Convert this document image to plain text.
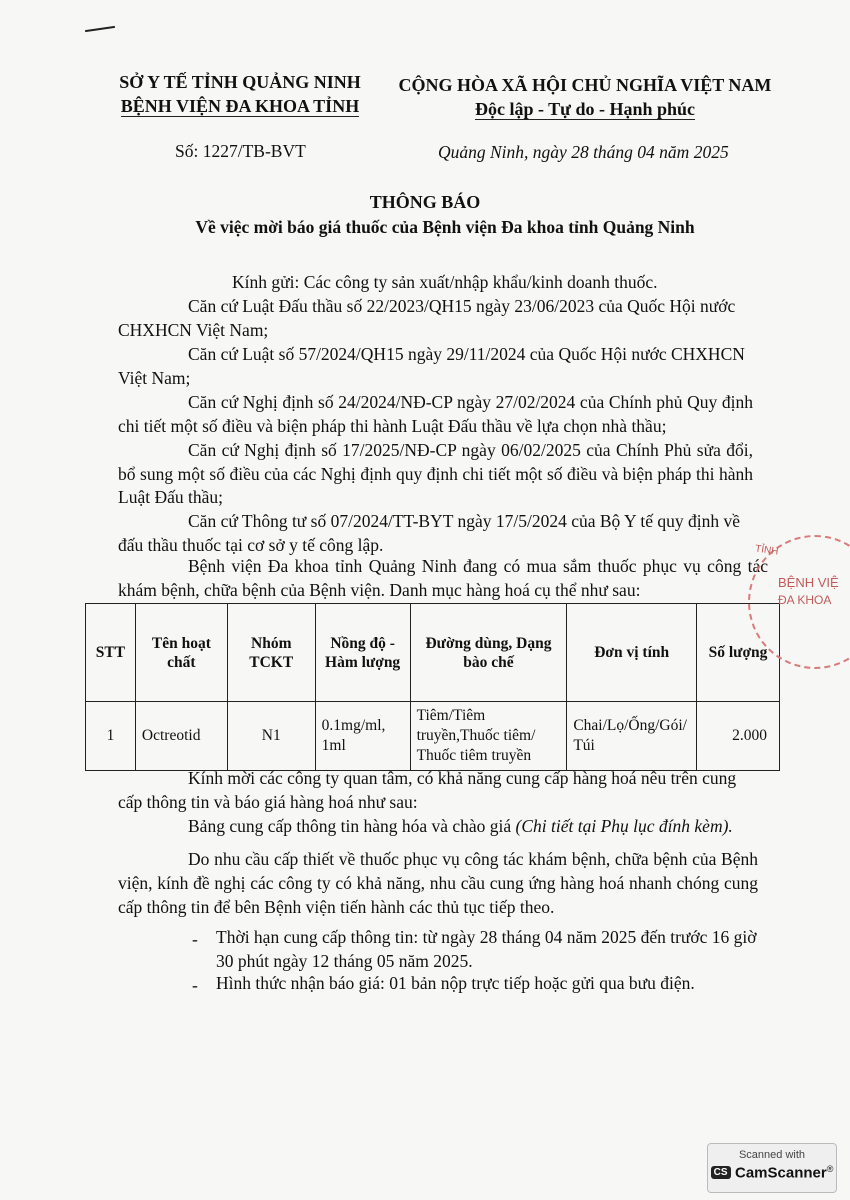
SỞ Y TẾ TỈNH QUẢNG NINH
BỆNH VIỆN ĐA KHOA TỈNH
CỘNG HÒA XÃ HỘI CHỦ NGHĨA VIỆT NAM
Độc lập - Tự do - Hạnh phúc
Số: 1227/TB-BVT	Quảng Ninh, ngày 28 tháng 04 năm 2025
THÔNG BÁO
Về việc mời báo giá thuốc của Bệnh viện Đa khoa tỉnh Quảng Ninh
Kính gửi: Các công ty sản xuất/nhập khẩu/kinh doanh thuốc.
Căn cứ Luật Đấu thầu số 22/2023/QH15 ngày 23/06/2023 của Quốc Hội nước CHXHCN Việt Nam;
Căn cứ Luật số 57/2024/QH15 ngày 29/11/2024 của Quốc Hội nước CHXHCN Việt Nam;
Căn cứ Nghị định số 24/2024/NĐ-CP ngày 27/02/2024 của Chính phủ Quy định chi tiết một số điều và biện pháp thi hành Luật Đấu thầu về lựa chọn nhà thầu;
Căn cứ Nghị định số 17/2025/NĐ-CP ngày 06/02/2025 của Chính Phủ sửa đổi, bổ sung một số điều của các Nghị định quy định chi tiết một số điều và biện pháp thi hành Luật Đấu thầu;
Căn cứ Thông tư số 07/2024/TT-BYT ngày 17/5/2024 của Bộ Y tế quy định về đấu thầu thuốc tại cơ sở y tế công lập.
Bệnh viện Đa khoa tỉnh Quảng Ninh đang có mua sắm thuốc phục vụ công tác khám bệnh, chữa bệnh của Bệnh viện. Danh mục hàng hoá cụ thể như sau:
STT	Tên hoạt chất	Nhóm TCKT	Nồng độ - Hàm lượng	Đường dùng, Dạng bào chế	Đơn vị tính	Số lượng
1	Octreotid	N1	0.1mg/ml, 1ml	Tiêm/Tiêm truyền,Thuốc tiêm/ Thuốc tiêm truyền	Chai/Lọ/Ống/Gói/ Túi	2.000
Kính mời các công ty quan tâm, có khả năng cung cấp hàng hoá nêu trên cung cấp thông tin và báo giá hàng hoá như sau:
Bảng cung cấp thông tin hàng hóa và chào giá (Chi tiết tại Phụ lục đính kèm).
Do nhu cầu cấp thiết về thuốc phục vụ công tác khám bệnh, chữa bệnh của Bệnh viện, kính đề nghị các công ty có khả năng, nhu cầu cung ứng hàng hoá nhanh chóng cung cấp thông tin để bên Bệnh viện tiến hành các thủ tục tiếp theo.
- Thời hạn cung cấp thông tin: từ ngày 28 tháng 04 năm 2025 đến trước 16 giờ 30 phút ngày 12 tháng 05 năm 2025.
- Hình thức nhận báo giá: 01 bản nộp trực tiếp hoặc gửi qua bưu điện.
TỈNH
BỆNH VIỆ
ĐA KHOA
Scanned with
CS CamScanner®
